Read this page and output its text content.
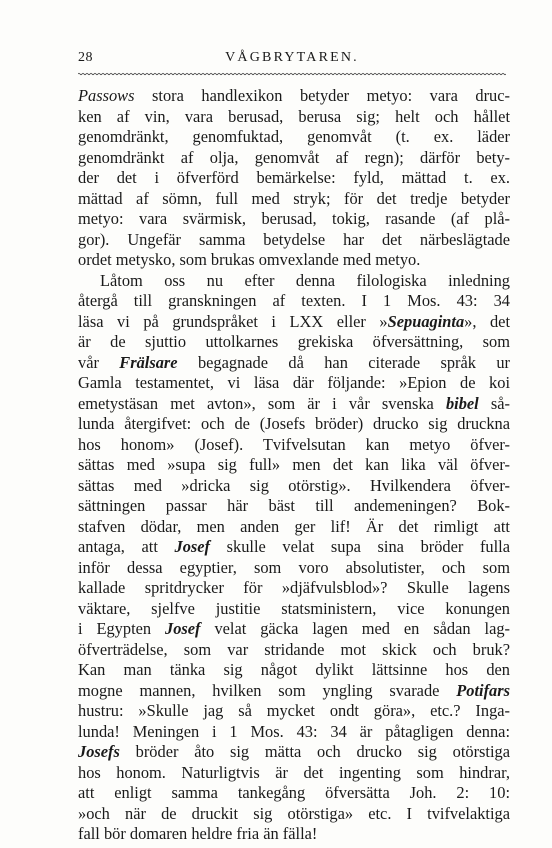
28	VÅGBRYTAREN.
Passows stora handlexikon betyder metyo: vara druc-
ken af vin, vara berusad, berusa sig; helt och hållet
genomdränkt, genomfuktad, genomvåt (t. ex. läder
genomdränkt af olja, genomvåt af regn); därför bety-
der det i öfverförd bemärkelse: fyld, mättad t. ex.
mättad af sömn, full med stryk; för det tredje betyder
metyo: vara svärmisk, berusad, tokig, rasande (af plå-
gor). Ungefär samma betydelse har det närbeslägtade
ordet metysko, som brukas omvexlande med metyo.
Låtom oss nu efter denna filologiska inledning
återgå till granskningen af texten. I 1 Mos. 43: 34
läsa vi på grundspråket i LXX eller »Sepuaginta», det
är de sjuttio uttolkarnes grekiska öfversättning, som
vår Frälsare begagnade då han citerade språk ur
Gamla testamentet, vi läsa där följande: »Epion de koi
emetystäsan met avton», som är i vår svenska bibel så-
lunda återgifvet: och de (Josefs bröder) drucko sig druckna
hos honom» (Josef). Tvifvelsutan kan metyo öfver-
sättas med »supa sig full» men det kan lika väl öfver-
sättas med »dricka sig otörstig». Hvilkendera öfver-
sättningen passar här bäst till andemeningen? Bok-
stafven dödar, men anden ger lif! Är det rimligt att
antaga, att Josef skulle velat supa sina bröder fulla
inför dessa egyptier, som voro absolutister, och som
kallade spritdrycker för »djäfvulsblod»? Skulle lagens
väktare, sjelfve justitie statsministern, vice konungen
i Egypten Josef velat gäcka lagen med en sådan lag-
öfverträdelse, som var stridande mot skick och bruk?
Kan man tänka sig något dylikt lättsinne hos den
mogne mannen, hvilken som yngling svarade Potifars
hustru: »Skulle jag så mycket ondt göra», etc.? Inga-
lunda! Meningen i 1 Mos. 43: 34 är påtagligen denna:
Josefs bröder åto sig mätta och drucko sig otörstiga
hos honom. Naturligtvis är det ingenting som hindrar,
att enligt samma tankegång öfversätta Joh. 2: 10:
»och när de druckit sig otörstiga» etc. I tvifvelaktiga
fall bör domaren heldre fria än fälla!
